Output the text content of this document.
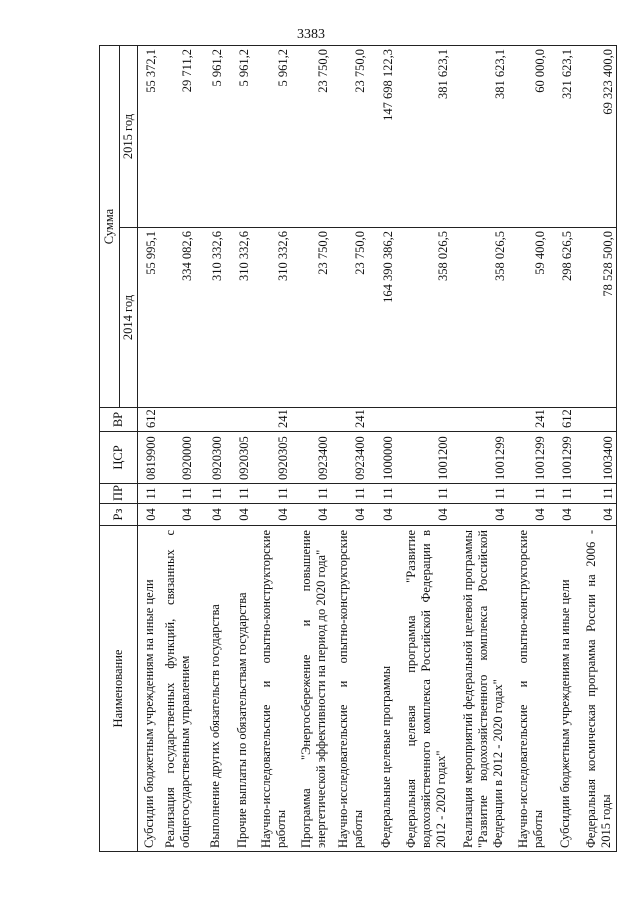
3383
Наименование	Рз	ПР	ЦСР	ВР	Сумма	
					2014 год	2015 год
Субсидии бюджетным учреждениям на иные цели	04	11	0819900	612	55 995,1	55 372,1
Реализация государственных функций, связанных с общегосударственным управлением	04	11	0920000		334 082,6	29 711,2
Выполнение других обязательств государства	04	11	0920300		310 332,6	5 961,2
Прочие выплаты по обязательствам государства	04	11	0920305		310 332,6	5 961,2
Научно-исследовательские и опытно-конструкторские работы	04	11	0920305	241	310 332,6	5 961,2
Программа "Энергосбережение и повышение энергетической эффективности на период до 2020 года"	04	11	0923400		23 750,0	23 750,0
Научно-исследовательские и опытно-конструкторские работы	04	11	0923400	241	23 750,0	23 750,0
Федеральные целевые программы	04	11	1000000		164 390 386,2	147 698 122,3
Федеральная целевая программа "Развитие водохозяйственного комплекса Российской Федерации в 2012 - 2020 годах"	04	11	1001200		358 026,5	381 623,1
Реализация мероприятий федеральной целевой программы "Развитие водохозяйственного комплекса Российской Федерации в 2012 - 2020 годах"	04	11	1001299		358 026,5	381 623,1
Научно-исследовательские и опытно-конструкторские работы	04	11	1001299	241	59 400,0	60 000,0
Субсидии бюджетным учреждениям на иные цели	04	11	1001299	612	298 626,5	321 623,1
Федеральная космическая программа России на 2006 - 2015 годы	04	11	1003400		78 528 500,0	69 323 400,0
